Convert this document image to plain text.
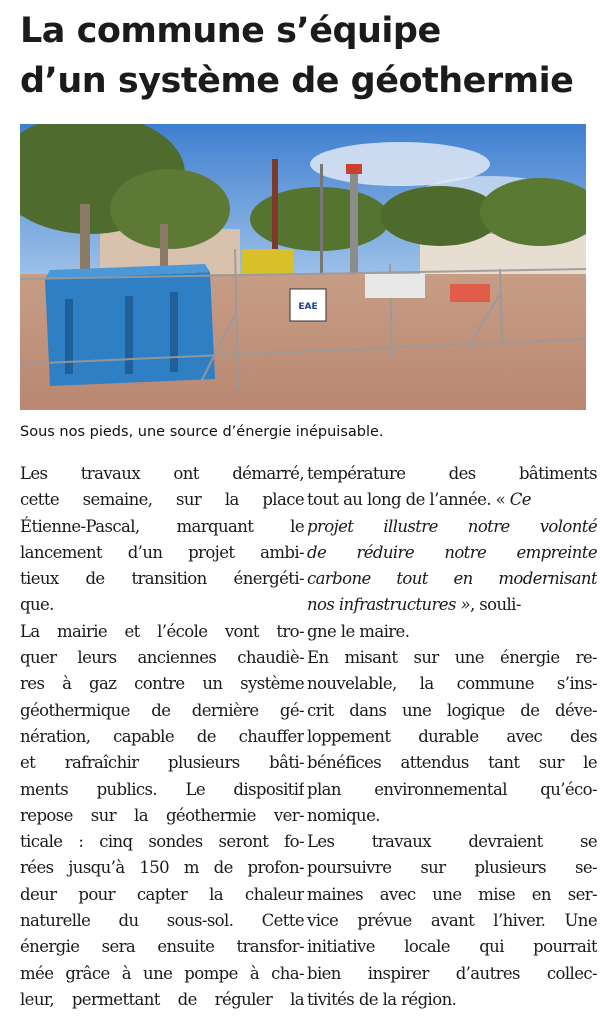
La commune s’équipe
d’un système de géothermie
EAE
Sous nos pieds, une source d’énergie inépuisable.
Les travaux ont démarré,
cette semaine, sur la place
Étienne-Pascal, marquant le
lancement d’un projet ambi-
tieux de transition énergéti-
que.
La mairie et l’école vont tro-
quer leurs anciennes chaudiè-
res à gaz contre un système
géothermique de dernière gé-
nération, capable de chauffer
et rafraîchir plusieurs bâti-
ments publics. Le dispositif
repose sur la géothermie ver-
ticale : cinq sondes seront fo-
rées jusqu’à 150 m de profon-
deur pour capter la chaleur
naturelle du sous-sol. Cette
énergie sera ensuite transfor-
mée grâce à une pompe à cha-
leur, permettant de réguler la
température des bâtiments
tout au long de l’année. « Ce
projet illustre notre volonté
de réduire notre empreinte
carbone tout en modernisant
nos infrastructures », souli-
gne le maire.
En misant sur une énergie re-
nouvelable, la commune s’ins-
crit dans une logique de déve-
loppement durable avec des
bénéfices attendus tant sur le
plan environnemental qu’éco-
nomique.
Les travaux devraient se
poursuivre sur plusieurs se-
maines avec une mise en ser-
vice prévue avant l’hiver. Une
initiative locale qui pourrait
bien inspirer d’autres collec-
tivités de la région.
